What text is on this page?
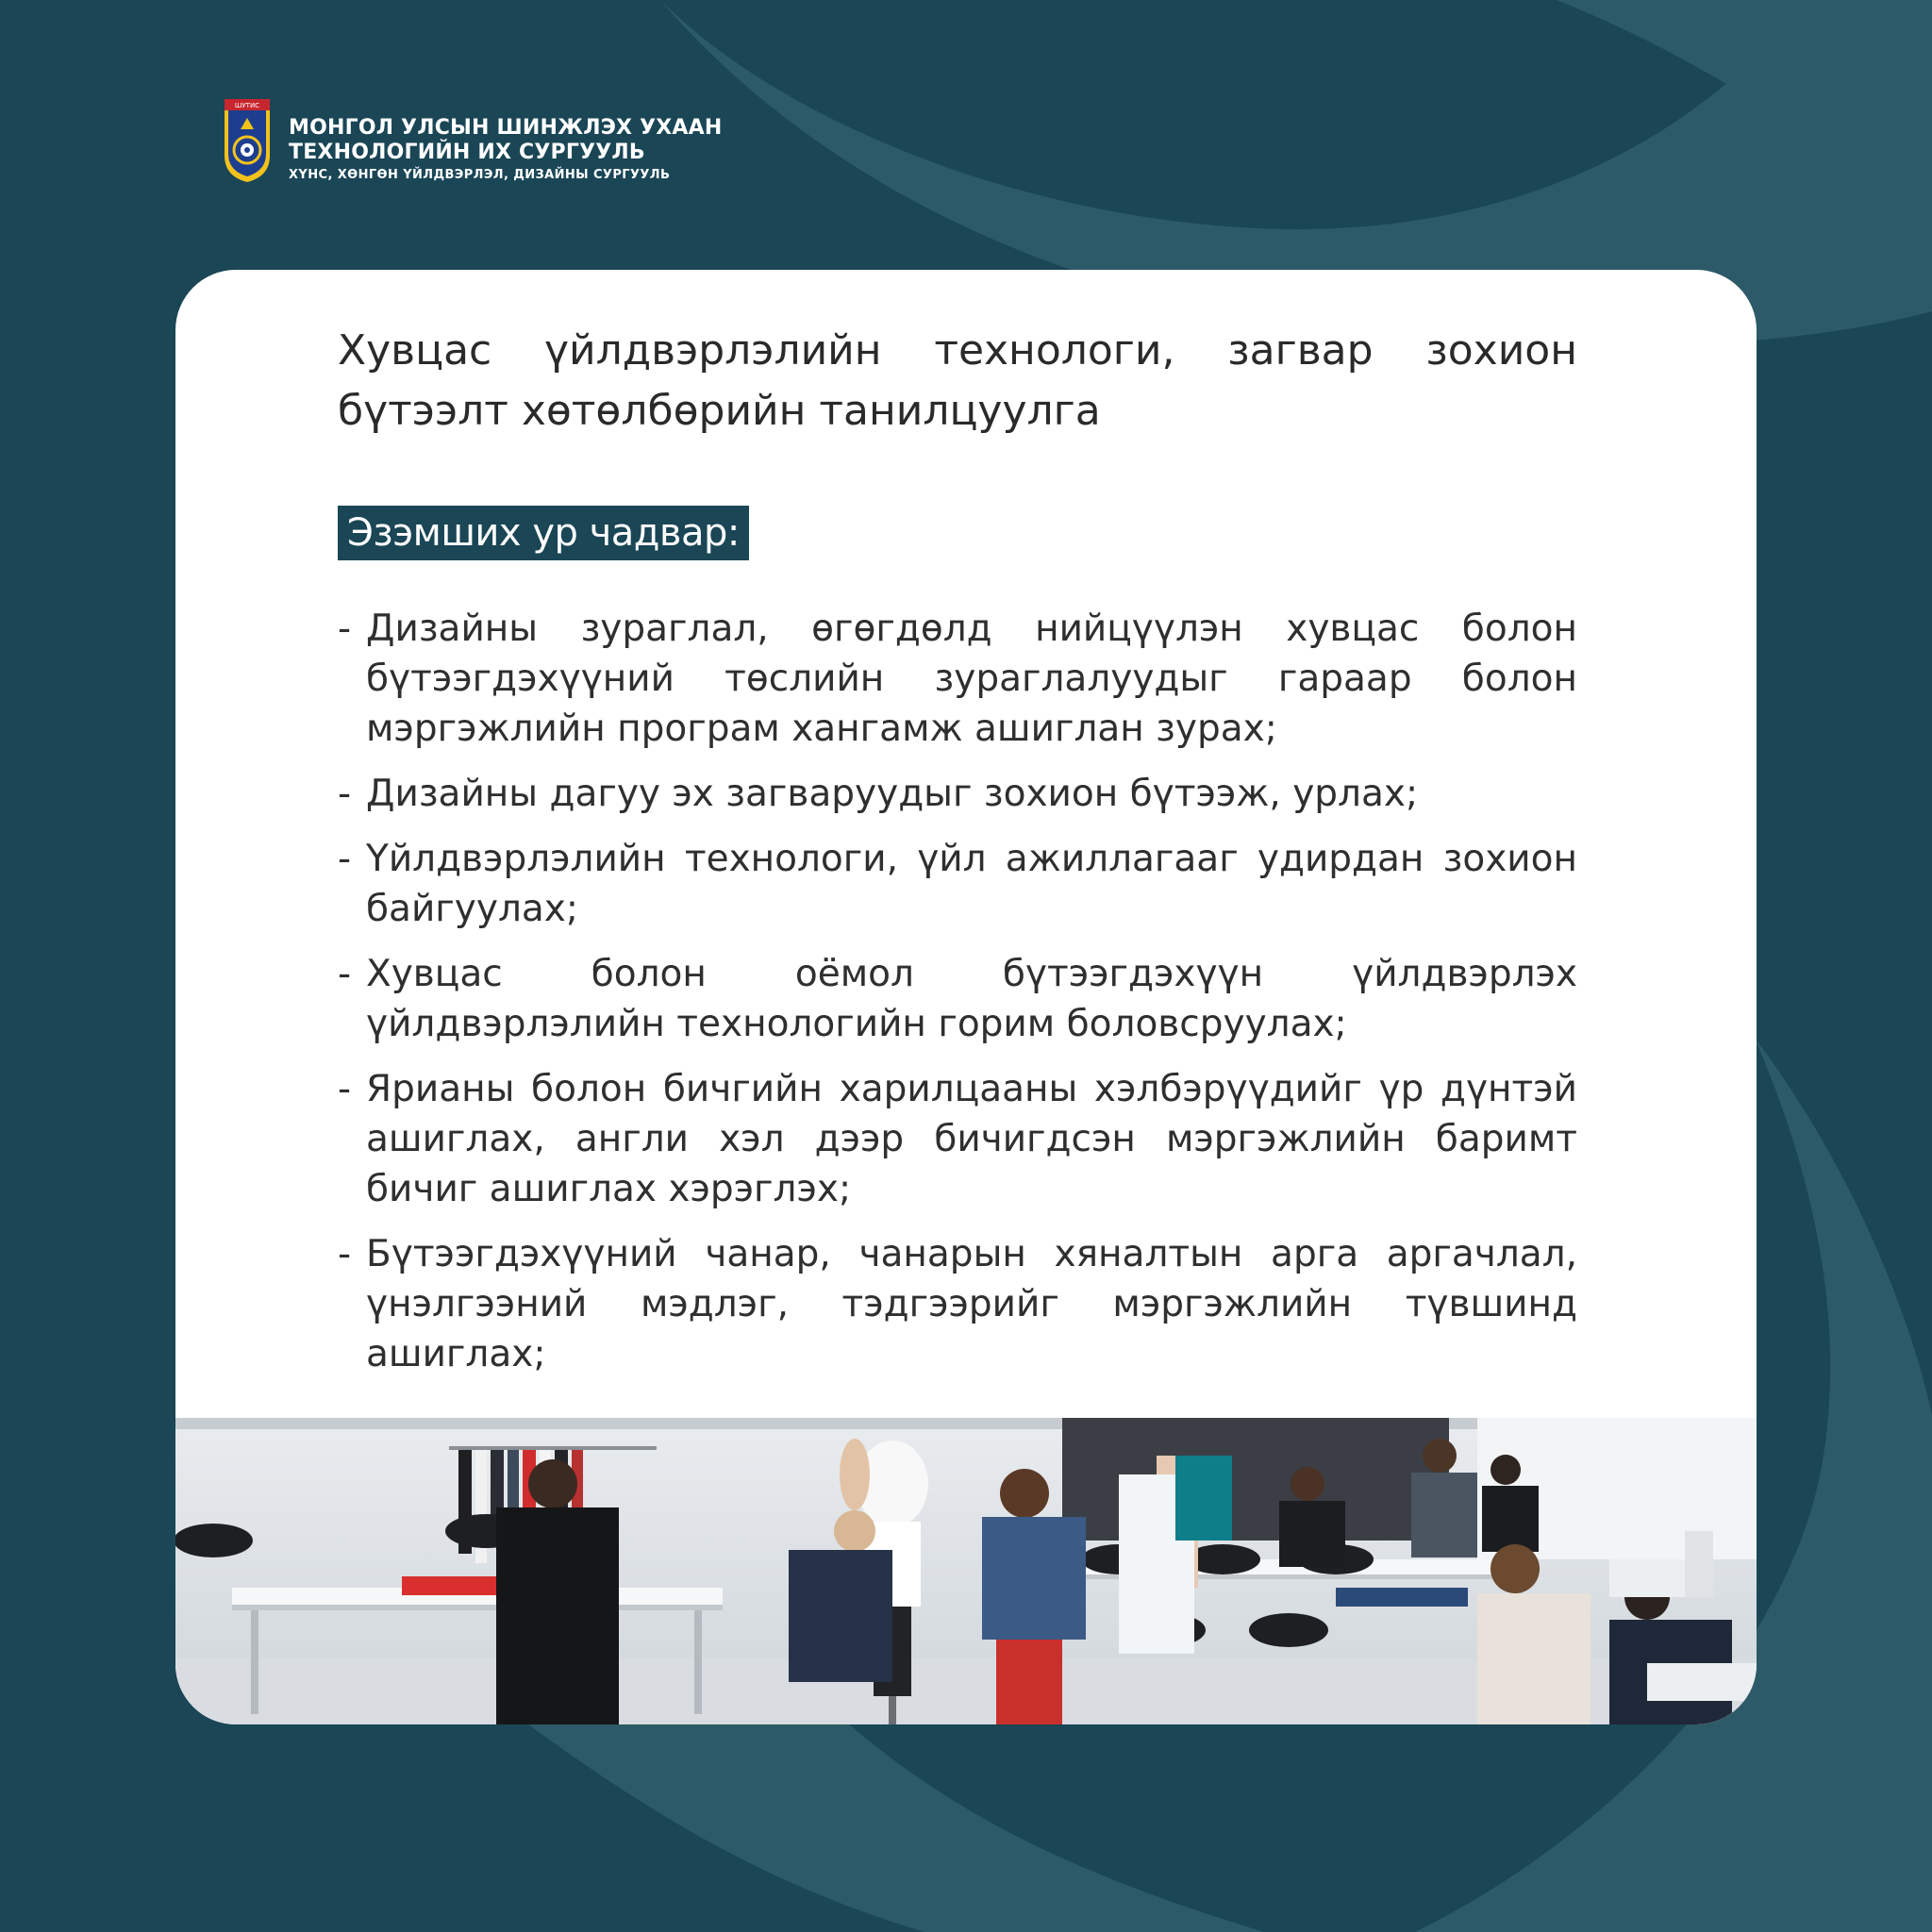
ШУТИС
МОНГОЛ УЛСЫН ШИНЖЛЭХ УХААН
ТЕХНОЛОГИЙН ИХ СУРГУУЛЬ
ХҮНС, ХӨНГӨН ҮЙЛДВЭРЛЭЛ, ДИЗАЙНЫ СУРГУУЛЬ
Хувцас үйлдвэрлэлийн технологи, загвар зохион бүтээлт хөтөлбөрийн танилцуулга
Эзэмших ур чадвар:
- Дизайны зураглал, өгөгдөлд нийцүүлэн хувцас болон бүтээгдэхүүний төслийн зураглалуудыг гараар болон мэргэжлийн програм хангамж ашиглан зурах;
- Дизайны дагуу эх загваруудыг зохион бүтээж, урлах;
- Үйлдвэрлэлийн технологи, үйл ажиллагааг удирдан зохион байгуулах;
- Хувцас болон оёмол бүтээгдэхүүн үйлдвэрлэх үйлдвэрлэлийн технологийн горим боловсруулах;
- Ярианы болон бичгийн харилцааны хэлбэрүүдийг үр дүнтэй ашиглах, англи хэл дээр бичигдсэн мэргэжлийн баримт бичиг ашиглах хэрэглэх;
- Бүтээгдэхүүний чанар, чанарын хяналтын арга аргачлал, үнэлгээний мэдлэг, тэдгээрийг мэргэжлийн түвшинд ашиглах;
